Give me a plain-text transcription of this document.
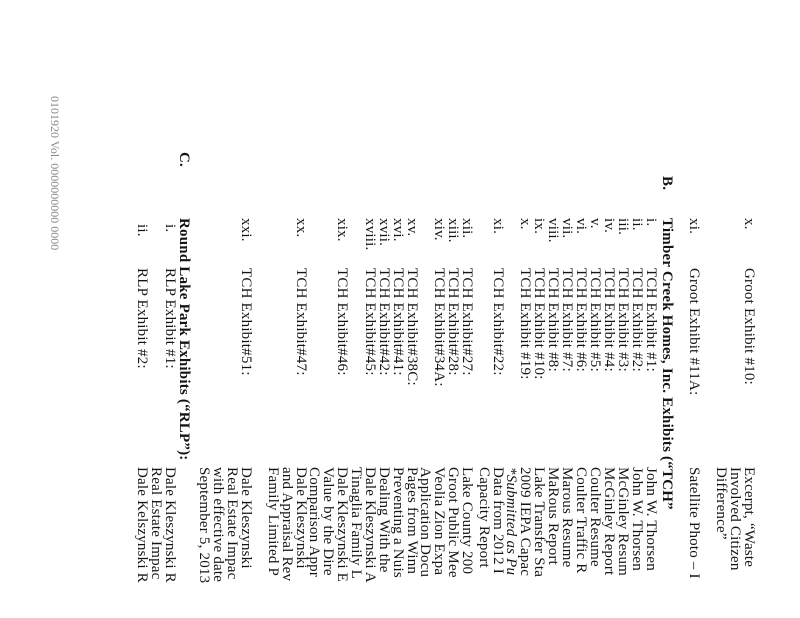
0101920 Vol. 0000000000 0000	C.
Round Lake Park Exhibits (“RLP”):
i.
RLP Exhibit #1:
Dale Kleszynski R
Real Estate Impac
ii.
RLP Exhibit #2:
Dale Kelszynski R
xxi.
TCH Exhibit#51:
Dale Kleszynski
Real Estate Impac
with effective date
September 5, 2013
xx.
TCH Exhibit#47:
Dale Kleszynski
and Appraisal Rev
Family Limited P
xix.
TCH Exhibit#46:
Dale Kleszynski E
Value by the Dire
Comparison Appr
xv.
TCH Exhibit#38C:
Pages from Winn
xvi.
TCH Exhibit#41:
Preventing a Nuis
xvii.
TCH Exhibit#42:
Dealing With the
xviii.
TCH Exhibit#45:
Dale Kleszynski A
Tinaglia Family L
xii.
TCH Exhibit#27:
Lake County 200
xiii.
TCH Exhibit#28:
Groot Public Mee
xiv.
TCH Exhibit#34A:
Veolia Zion Expa
Application Docu
xi.
TCH Exhibit#22:
Data from 2012 I
Capacity Report
i.
TCH Exhibit #1:
John W. Thorsen
ii.
TCH Exhibit #2:
John W. Thorsen
iii.
TCH Exhibit #3:
McGinley Resum
iv.
TCH Exhibit #4:
McGinley Report
v.
TCH Exhibit #5:
Coulter Resume
vi.
TCH Exhibit #6:
Coulter Traffic R
vii.
TCH Exhibit #7:
Marous Resume
viii.
TCH Exhibit #8:
MaRous Report
ix.
TCH Exhibit #10:
Lake Transfer Sta
x.
TCH Exhibit #19:
2009 IEPA Capac
*Submitted as Pu
B.
Timber Creek Homes, Inc. Exhibits (“TCH” xi.
Groot Exhibit #11A:
Satellite Photo – I
x.
Groot Exhibit #10:
Excerpt, “Waste
Involved Citizen
Difference”
